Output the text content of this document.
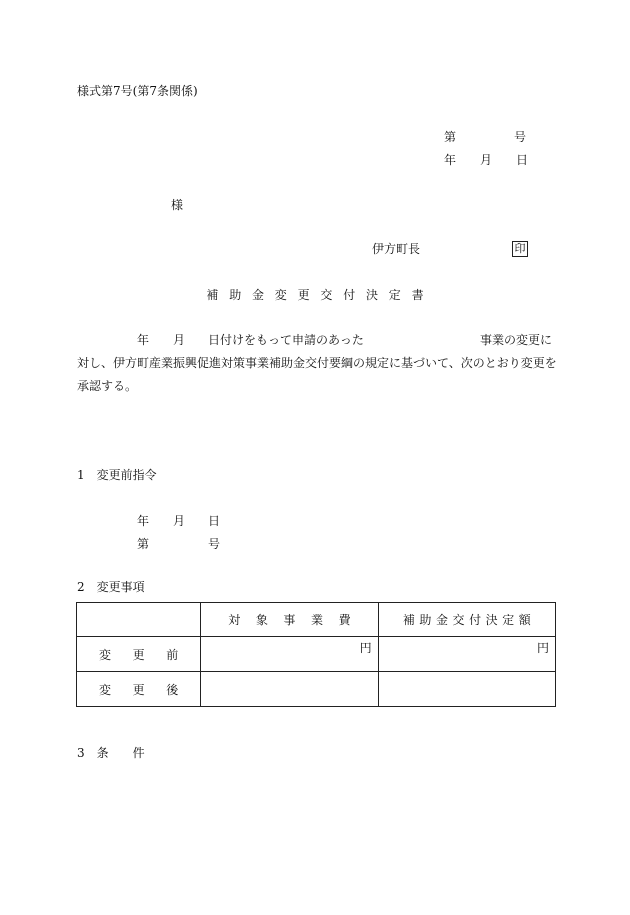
様式第7号(第7条関係)
第	号
年 月 日
様
伊方町長	印
補助金変更交付決定書
年 月 日付けをもって申請のあった	事業の変更に
対し、伊方町産業振興促進対策事業補助金交付要綱の規定に基づいて、次のとおり変更を
承認する。
1　変更前指令
年 月 日
第	号
2　変更事項
	対象事業費	補助金交付決定額
変更前	円	円
変更後		
3　条　　件
